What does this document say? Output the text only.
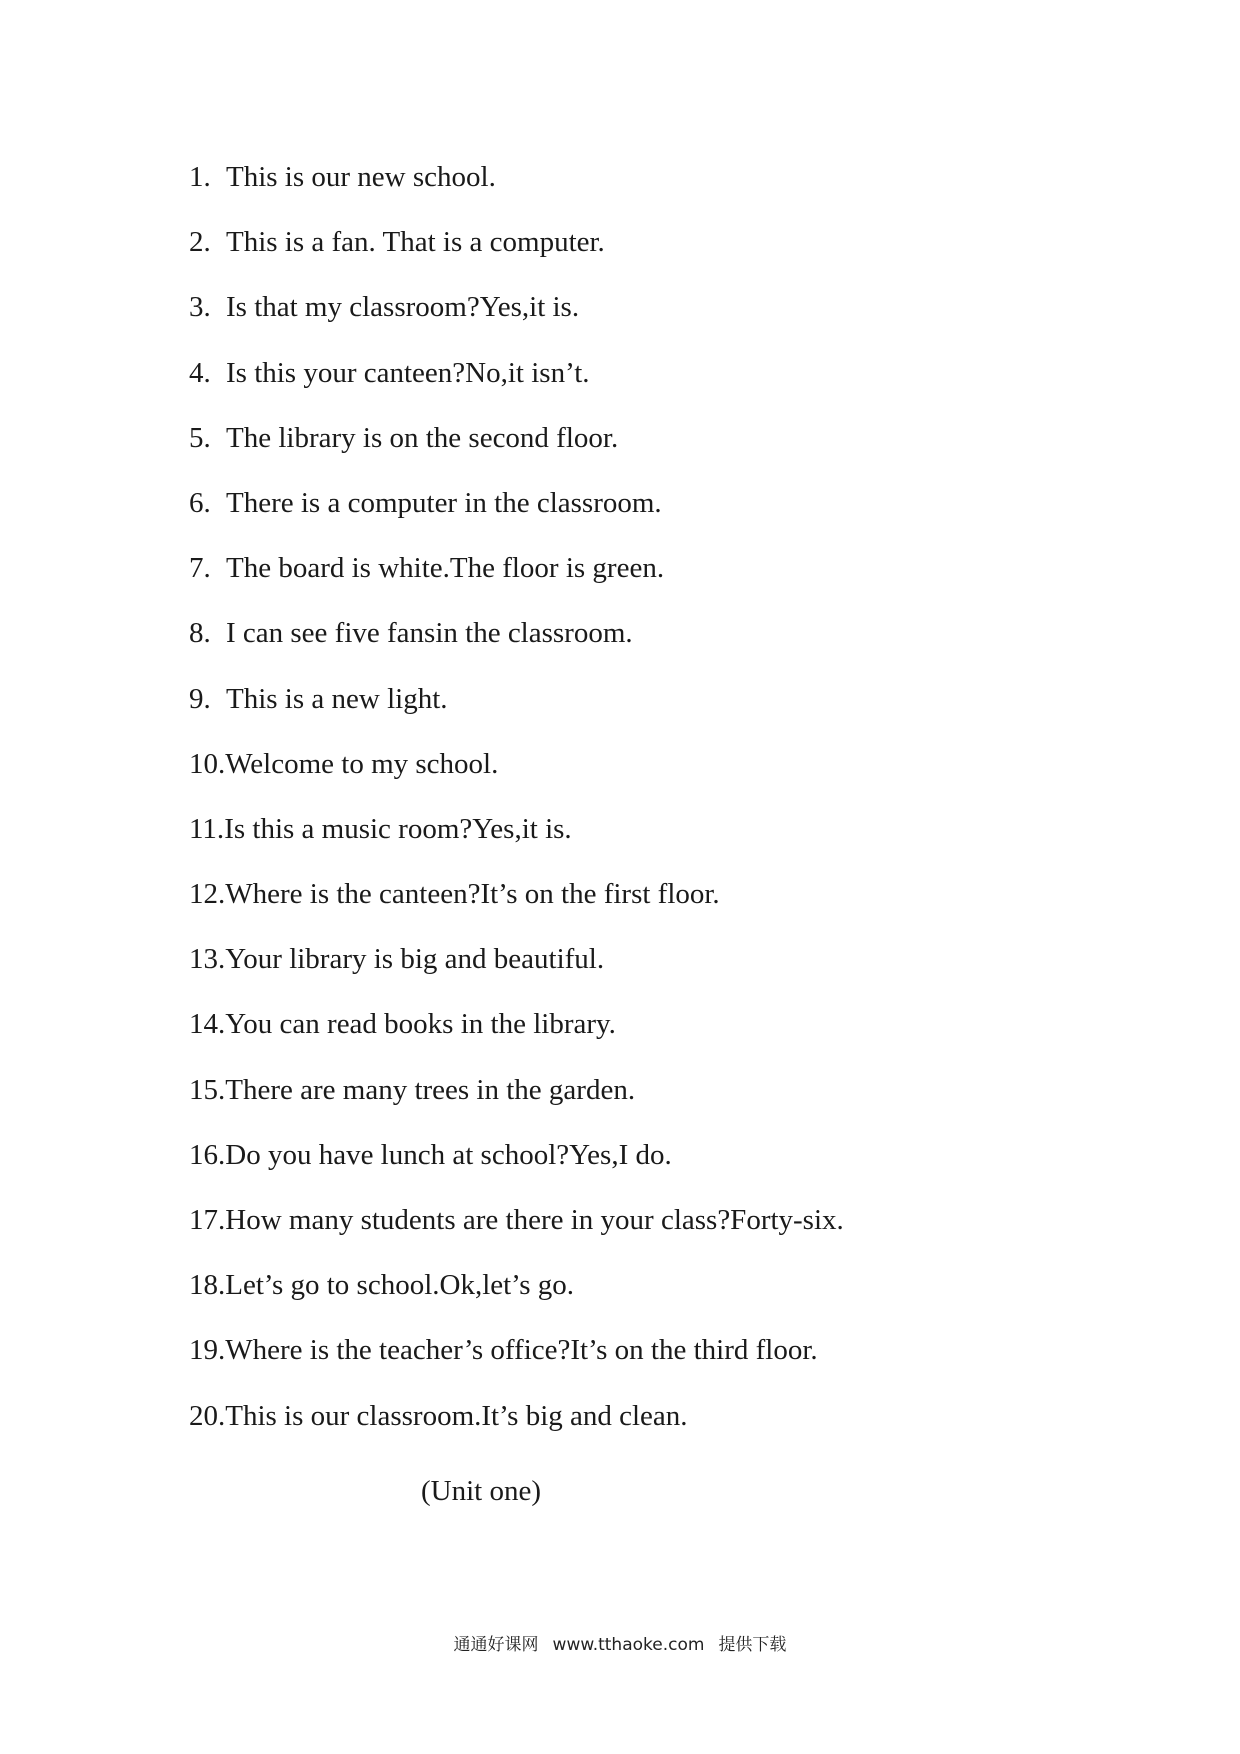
1. This is our new school.
2. This is a fan. That is a computer.
3. Is that my classroom?Yes,it is.
4. Is this your canteen?No,it isn’t.
5. The library is on the second floor.
6. There is a computer in the classroom.
7. The board is white.The floor is green.
8. I can see five fansin the classroom.
9. This is a new light.
10.Welcome to my school.
11.Is this a music room?Yes,it is.
12.Where is the canteen?It’s on the first floor.
13.Your library is big and beautiful.
14.You can read books in the library.
15.There are many trees in the garden.
16.Do you have lunch at school?Yes,I do.
17.How many students are there in your class?Forty-six.
18.Let’s go to school.Ok,let’s go.
19.Where is the teacher’s office?It’s on the third floor.
20.This is our classroom.It’s big and clean.
(Unit one)
通通好课网 www.tthaoke.com 提供下载
